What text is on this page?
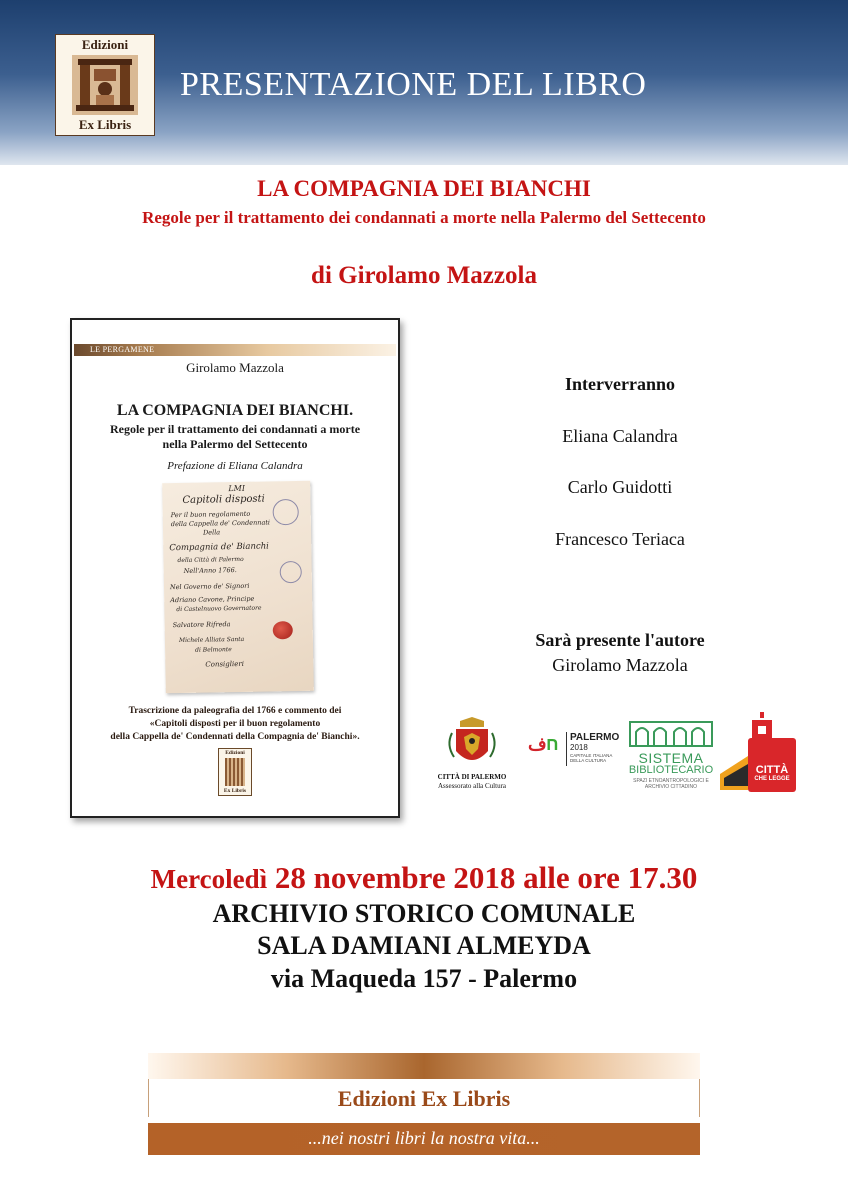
Edizioni
Ex Libris
PRESENTAZIONE DEL LIBRO
LA COMPAGNIA DEI BIANCHI
Regole per il trattamento dei condannati a morte nella Palermo del Settecento
di Girolamo Mazzola
LE PERGAMENE
Girolamo Mazzola
LA COMPAGNIA DEI BIANCHI.
Regole per il trattamento dei condannati a morte
nella Palermo del Settecento
Prefazione di Eliana Calandra
LMI
Capitoli disposti
Per il buon regolamento
della Cappella de' Condennati
Della
Compagnia de' Bianchi
della Città di Palermo
Nell'Anno 1766.
Nel Governo de' Signori
Adriano Cavone, Principe
di Castelnuovo Governatore
Salvatore Rifreda
Michele Alliata Santa
di Belmonte
Consiglieri
Trascrizione da paleografia del 1766 e commento dei
«Capitoli disposti per il buon regolamento
della Cappella de' Condennati della Compagnia de' Bianchi».
Edizioni
Ex Libris
Interverranno
Eliana Calandra
Carlo Guidotti
Francesco Teriaca
Sarà presente l'autore
Girolamo Mazzola
CITTÀ DI PALERMO
Assessorato alla Cultura
ف ח PALERMO
2018
CAPITALE ITALIANA DELLA CULTURA	SISTEMA
BIBLIOTECARIO
SPAZI ETNOANTROPOLOGICI E ARCHIVIO CITTADINO
CITTÀ
CHE LEGGE
Mercoledì 28 novembre 2018 alle ore 17.30
ARCHIVIO STORICO COMUNALE
SALA DAMIANI ALMEYDA
via Maqueda 157 - Palermo
Edizioni Ex Libris
...nei nostri libri la nostra vita...
